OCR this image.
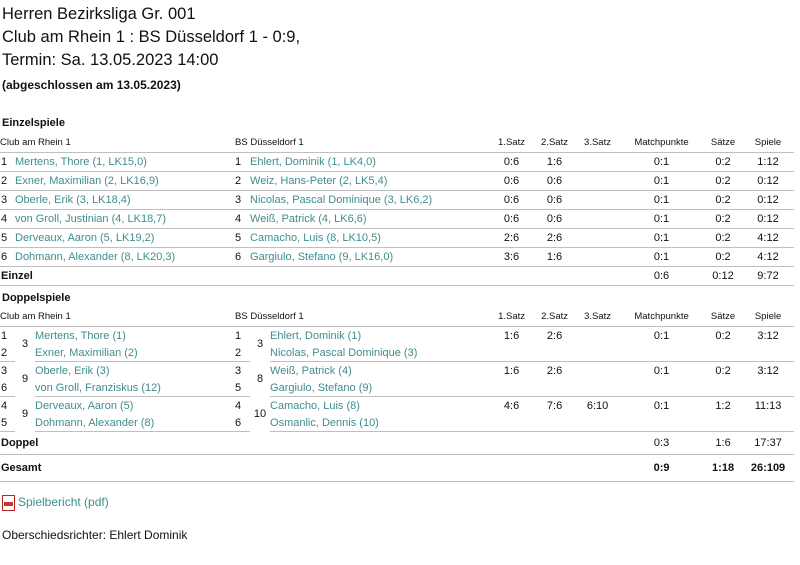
Herren Bezirksliga Gr. 001
Club am Rhein 1 : BS Düsseldorf 1 - 0:9,
Termin: Sa. 13.05.2023 14:00
(abgeschlossen am 13.05.2023)
Einzelspiele
Club am Rhein 1		BS Düsseldorf 1		1.Satz	2.Satz	3.Satz	Matchpunkte	Sätze	Spiele
1	Mertens, Thore (1, LK15,0)	1	Ehlert, Dominik (1, LK4,0)	0:6	1:6		0:1	0:2	1:12
2	Exner, Maximilian (2, LK16,9)	2	Weiz, Hans-Peter (2, LK5,4)	0:6	0:6		0:1	0:2	0:12
3	Oberle, Erik (3, LK18,4)	3	Nicolas, Pascal Dominique (3, LK6,2)	0:6	0:6		0:1	0:2	0:12
4	von Groll, Justinian (4, LK18,7)	4	Weiß, Patrick (4, LK6,6)	0:6	0:6		0:1	0:2	0:12
5	Derveaux, Aaron (5, LK19,2)	5	Camacho, Luis (8, LK10,5)	2:6	2:6		0:1	0:2	4:12
6	Dohmann, Alexander (8, LK20,3)	6	Gargiulo, Stefano (9, LK16,0)	3:6	1:6		0:1	0:2	4:12
Einzel							0:6	0:12	9:72
Doppelspiele
Club am Rhein 1			BS Düsseldorf 1			1.Satz	2.Satz	3.Satz	Matchpunkte	Sätze	Spiele
1	3	Mertens, Thore (1)	1	3	Ehlert, Dominik (1)	1:6	2:6		0:1	0:2	3:12
2		Exner, Maximilian (2)	2		Nicolas, Pascal Dominique (3)						
3	9	Oberle, Erik (3)	3	8	Weiß, Patrick (4)	1:6	2:6		0:1	0:2	3:12
6		von Groll, Franziskus (12)	5		Gargiulo, Stefano (9)						
4	9	Derveaux, Aaron (5)	4	10	Camacho, Luis (8)	4:6	7:6	6:10	0:1	1:2	11:13
5		Dohmann, Alexander (8)	6		Osmanlic, Dennis (10)						
Doppel									0:3	1:6	17:37
Gesamt									0:9	1:18	26:109
Spielbericht (pdf)
Oberschiedsrichter: Ehlert Dominik
